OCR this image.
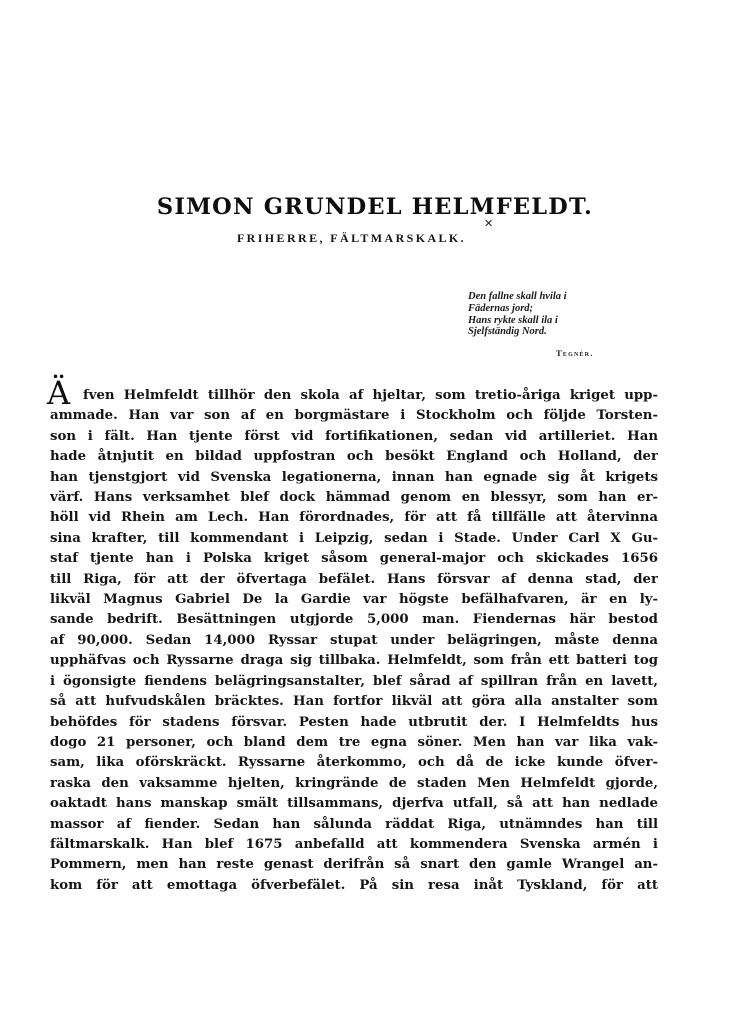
SIMON GRUNDEL HELMFELDT.
✕
FRIHERRE, FÄLTMARSKALK.
Den fallne skall hvila i
Fädernas jord;
Hans rykte skall ila i
Sjelfständig Nord.
Tegnér.
Ä fven Helmfeldt tillhör den skola af hjeltar, som tretio-åriga kriget upp-
ammade. Han var son af en borgmästare i Stockholm och följde Torsten-
son i fält. Han tjente först vid fortifikationen, sedan vid artilleriet. Han
hade åtnjutit en bildad uppfostran och besökt England och Holland, der
han tjenstgjort vid Svenska legationerna, innan han egnade sig åt krigets
värf. Hans verksamhet blef dock hämmad genom en blessyr, som han er-
höll vid Rhein am Lech. Han förordnades, för att få tillfälle att återvinna
sina krafter, till kommendant i Leipzig, sedan i Stade. Under Carl X Gu-
staf tjente han i Polska kriget såsom general-major och skickades 1656
till Riga, för att der öfvertaga befälet. Hans försvar af denna stad, der
likväl Magnus Gabriel De la Gardie var högste befälhafvaren, är en ly-
sande bedrift. Besättningen utgjorde 5,000 man. Fiendernas här bestod
af 90,000. Sedan 14,000 Ryssar stupat under belägringen, måste denna
upphäfvas och Ryssarne draga sig tillbaka. Helmfeldt, som från ett batteri tog
i ögonsigte fiendens belägringsanstalter, blef sårad af spillran från en lavett,
så att hufvudskålen bräcktes. Han fortfor likväl att göra alla anstalter som
behöfdes för stadens försvar. Pesten hade utbrutit der. I Helmfeldts hus
dogo 21 personer, och bland dem tre egna söner. Men han var lika vak-
sam, lika oförskräckt. Ryssarne återkommo, och då de icke kunde öfver-
raska den vaksamme hjelten, kringrände de staden Men Helmfeldt gjorde,
oaktadt hans manskap smält tillsammans, djerfva utfall, så att han nedlade
massor af fiender. Sedan han sålunda räddat Riga, utnämndes han till
fältmarskalk. Han blef 1675 anbefalld att kommendera Svenska armén i
Pommern, men han reste genast derifrån så snart den gamle Wrangel an-
kom för att emottaga öfverbefälet. På sin resa inåt Tyskland, för att
